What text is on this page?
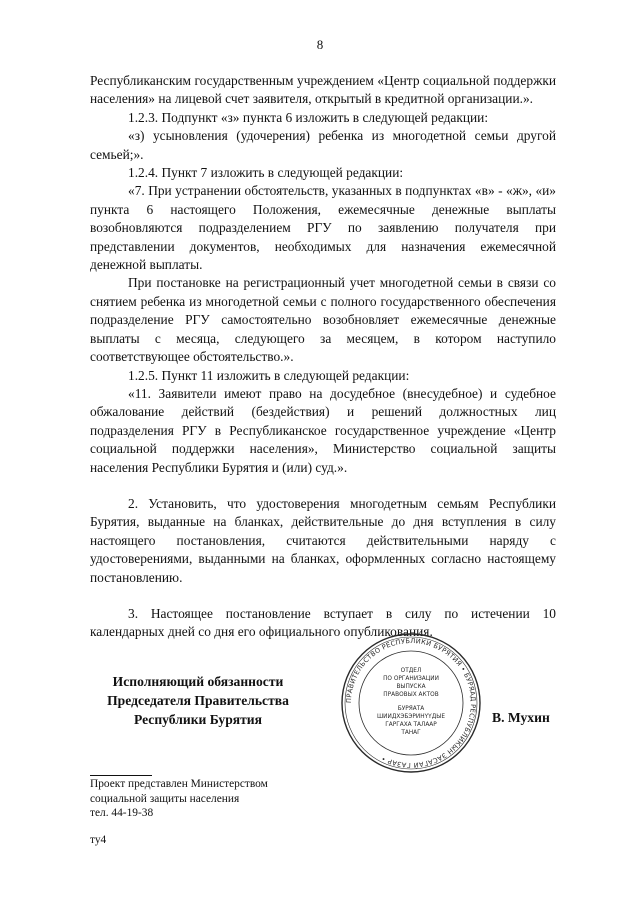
8

Республиканским государственным учреждением «Центр социальной поддержки населения» на лицевой счет заявителя, открытый в кредитной организации.».

1.2.3. Подпункт «з» пункта 6 изложить в следующей редакции:

«з) усыновления (удочерения) ребенка из многодетной семьи другой семьей;».

1.2.4. Пункт 7 изложить в следующей редакции:

«7. При устранении обстоятельств, указанных в подпунктах «в» - «ж», «и» пункта 6 настоящего Положения, ежемесячные денежные выплаты возобновляются подразделением РГУ по заявлению получателя при представлении документов, необходимых для назначения ежемесячной денежной выплаты.

При постановке на регистрационный учет многодетной семьи в связи со снятием ребенка из многодетной семьи с полного государственного обеспечения подразделение РГУ самостоятельно возобновляет ежемесячные денежные выплаты с месяца, следующего за месяцем, в котором наступило соответствующее обстоятельство.».

1.2.5. Пункт 11 изложить в следующей редакции:

«11. Заявители имеют право на досудебное (внесудебное) и судебное обжалование действий (бездействия) и решений должностных лиц подразделения РГУ в Республиканское государственное учреждение «Центр социальной поддержки населения», Министерство социальной защиты населения Республики Бурятия и (или) суд.».

2. Установить, что удостоверения многодетным семьям Республики Бурятия, выданные на бланках, действительные до дня вступления в силу настоящего постановления, считаются действительными наряду с удостоверениями, выданными на бланках, оформленных согласно настоящему постановлению.

3. Настоящее постановление вступает в силу по истечении 10 календарных дней со дня его официального опубликования.

Исполняющий обязанности
Председателя Правительства
Республики Бурятия
ПРАВИТЕЛЬСТВО РЕСПУБЛИКИ БУРЯТИЯ • БУРЯАД РЕСПУБЛИКЫН ЗАСАГАЙ ГАЗАР •
ОТДЕЛ
ПО ОРГАНИЗАЦИИ
ВЫПУСКА
ПРАВОВЫХ АКТОВ
БУРЯАТА
ШИИДХЭБЭРИНҮҮДЫЕ
ГАРГАХА ТАЛААР
ТАНАГ
В. Мухин
Проект представлен Министерством
социальной защиты населения
тел. 44-19-38
ту4
